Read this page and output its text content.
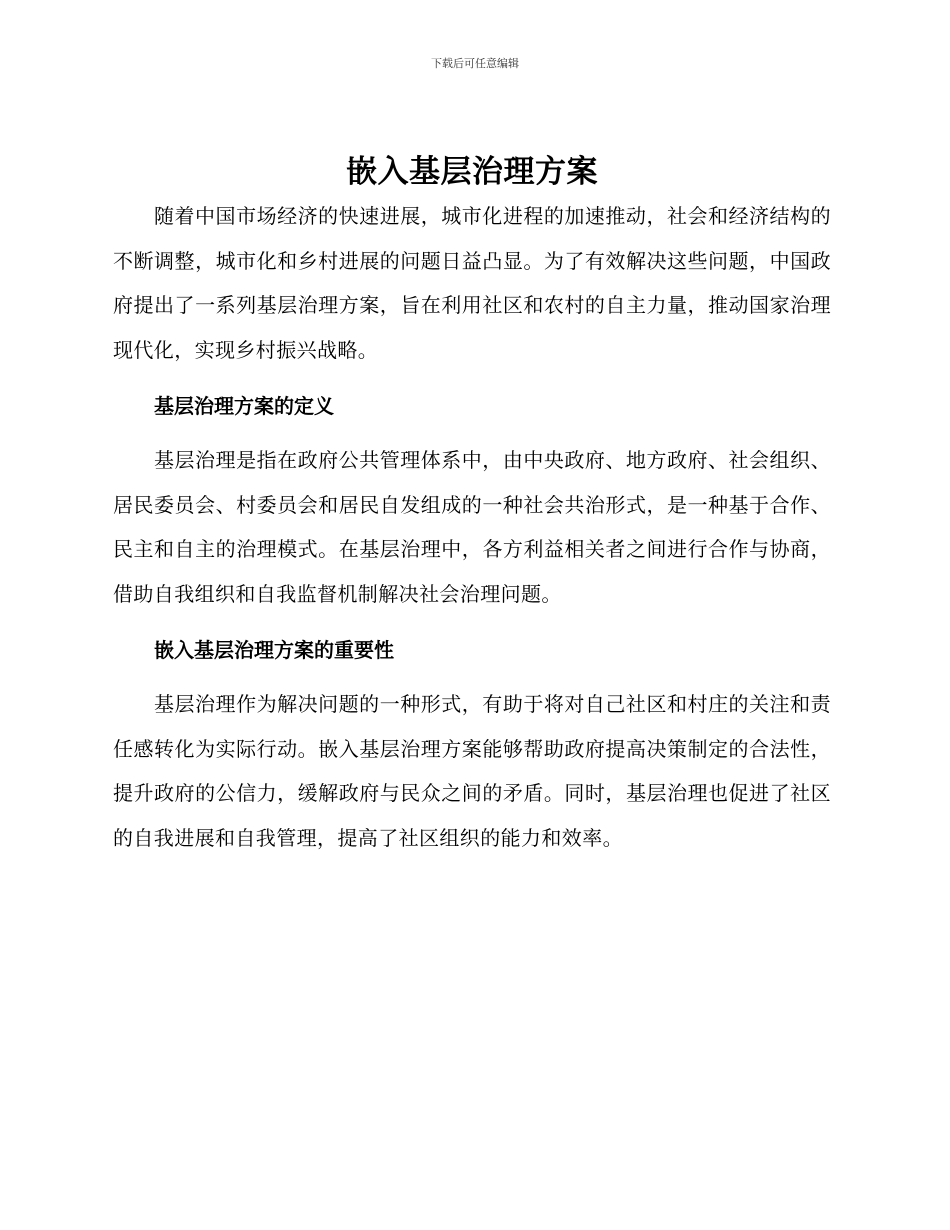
下载后可任意编辑
嵌入基层治理方案

随着中国市场经济的快速进展，城市化进程的加速推动，社会和经济结构的不断调整，城市化和乡村进展的问题日益凸显。为了有效解决这些问题，中国政府提出了一系列基层治理方案，旨在利用社区和农村的自主力量，推动国家治理现代化，实现乡村振兴战略。

基层治理方案的定义

基层治理是指在政府公共管理体系中，由中央政府、地方政府、社会组织、居民委员会、村委员会和居民自发组成的一种社会共治形式，是一种基于合作、民主和自主的治理模式。在基层治理中，各方利益相关者之间进行合作与协商，借助自我组织和自我监督机制解决社会治理问题。

嵌入基层治理方案的重要性

基层治理作为解决问题的一种形式，有助于将对自己社区和村庄的关注和责任感转化为实际行动。嵌入基层治理方案能够帮助政府提高决策制定的合法性，提升政府的公信力，缓解政府与民众之间的矛盾。同时，基层治理也促进了社区的自我进展和自我管理，提高了社区组织的能力和效率。
